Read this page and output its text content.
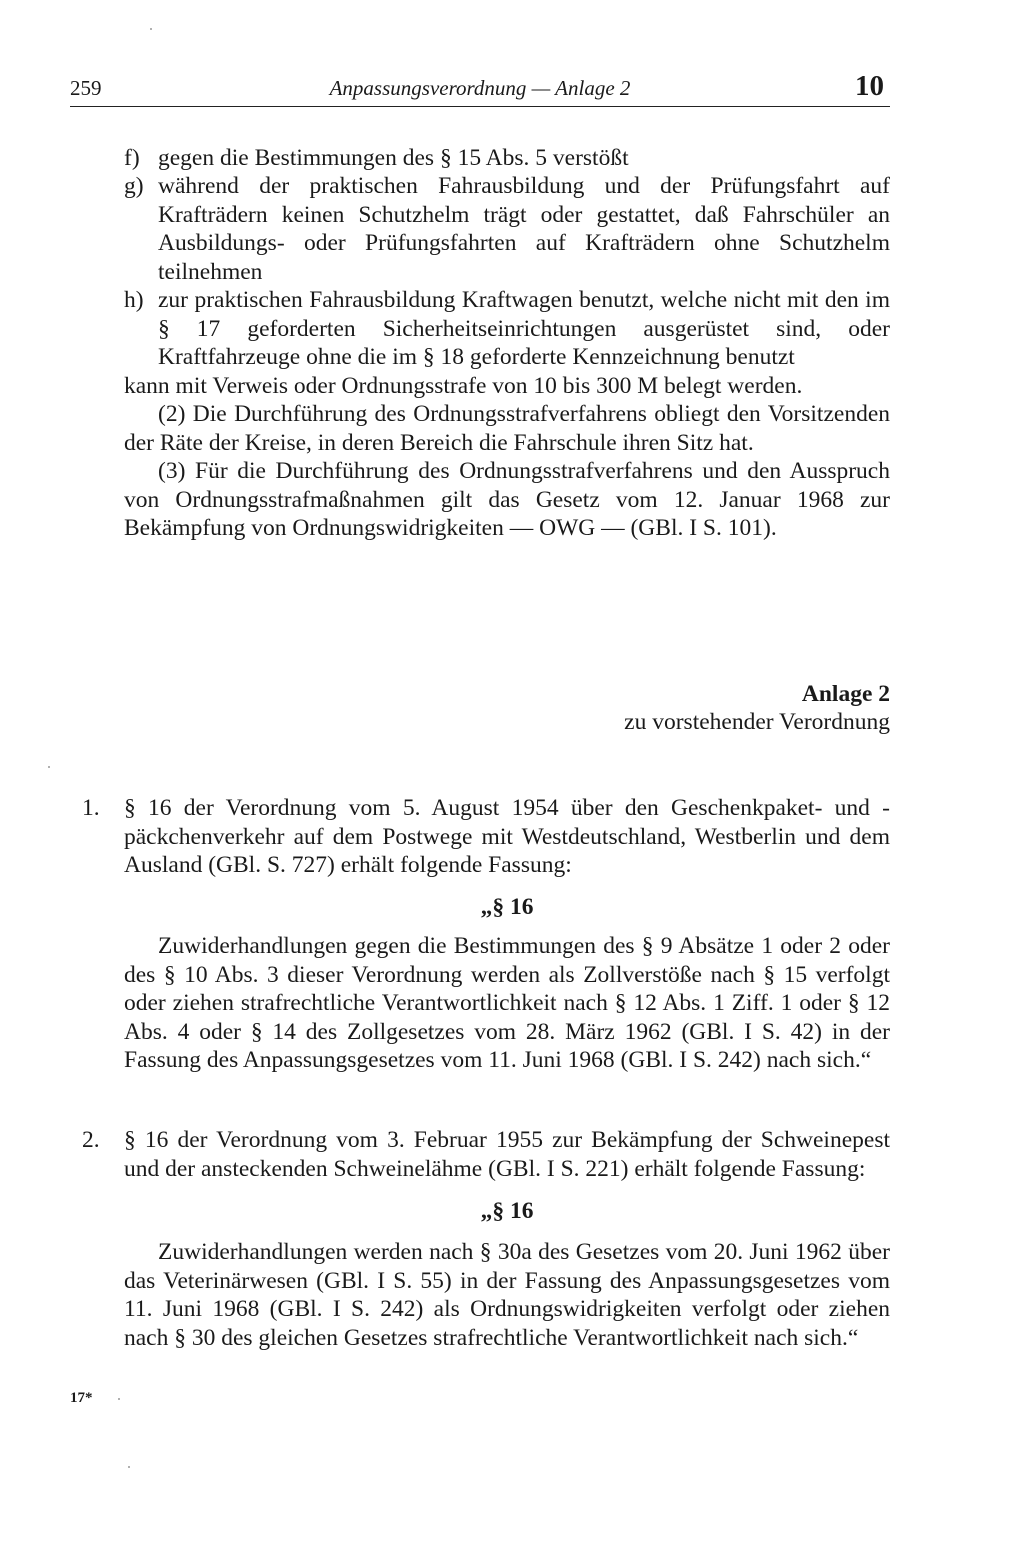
259	Anpassungsverordnung — Anlage 2	10
f) gegen die Bestimmungen des § 15 Abs. 5 verstößt
g) während der praktischen Fahrausbildung und der Prüfungsfahrt auf Krafträdern keinen Schutzhelm trägt oder gestattet, daß Fahrschüler an Ausbildungs- oder Prüfungsfahrten auf Krafträdern ohne Schutzhelm teilnehmen
h) zur praktischen Fahrausbildung Kraftwagen benutzt, welche nicht mit den im § 17 geforderten Sicherheitseinrichtungen ausgerüstet sind, oder Kraftfahrzeuge ohne die im § 18 geforderte Kennzeichnung benutzt
kann mit Verweis oder Ordnungsstrafe von 10 bis 300 M belegt werden.
(2) Die Durchführung des Ordnungsstrafverfahrens obliegt den Vorsitzenden der Räte der Kreise, in deren Bereich die Fahrschule ihren Sitz hat.
(3) Für die Durchführung des Ordnungsstrafverfahrens und den Ausspruch von Ordnungsstrafmaßnahmen gilt das Gesetz vom 12. Januar 1968 zur Bekämpfung von Ordnungswidrigkeiten — OWG — (GBl. I S. 101).
Anlage 2
zu vorstehender Verordnung
1. § 16 der Verordnung vom 5. August 1954 über den Geschenkpaket- und -päckchenverkehr auf dem Postwege mit Westdeutschland, Westberlin und dem Ausland (GBl. S. 727) erhält folgende Fassung:
„§ 16
Zuwiderhandlungen gegen die Bestimmungen des § 9 Absätze 1 oder 2 oder des § 10 Abs. 3 dieser Verordnung werden als Zollverstöße nach § 15 verfolgt oder ziehen strafrechtliche Verantwortlichkeit nach § 12 Abs. 1 Ziff. 1 oder § 12 Abs. 4 oder § 14 des Zollgesetzes vom 28. März 1962 (GBl. I S. 42) in der Fassung des Anpassungsgesetzes vom 11. Juni 1968 (GBl. I S. 242) nach sich.“
2. § 16 der Verordnung vom 3. Februar 1955 zur Bekämpfung der Schweinepest und der ansteckenden Schweinelähme (GBl. I S. 221) erhält folgende Fassung:
„§ 16
Zuwiderhandlungen werden nach § 30a des Gesetzes vom 20. Juni 1962 über das Veterinärwesen (GBl. I S. 55) in der Fassung des Anpassungsgesetzes vom 11. Juni 1968 (GBl. I S. 242) als Ordnungswidrigkeiten verfolgt oder ziehen nach § 30 des gleichen Gesetzes strafrechtliche Verantwortlichkeit nach sich.“
17*
